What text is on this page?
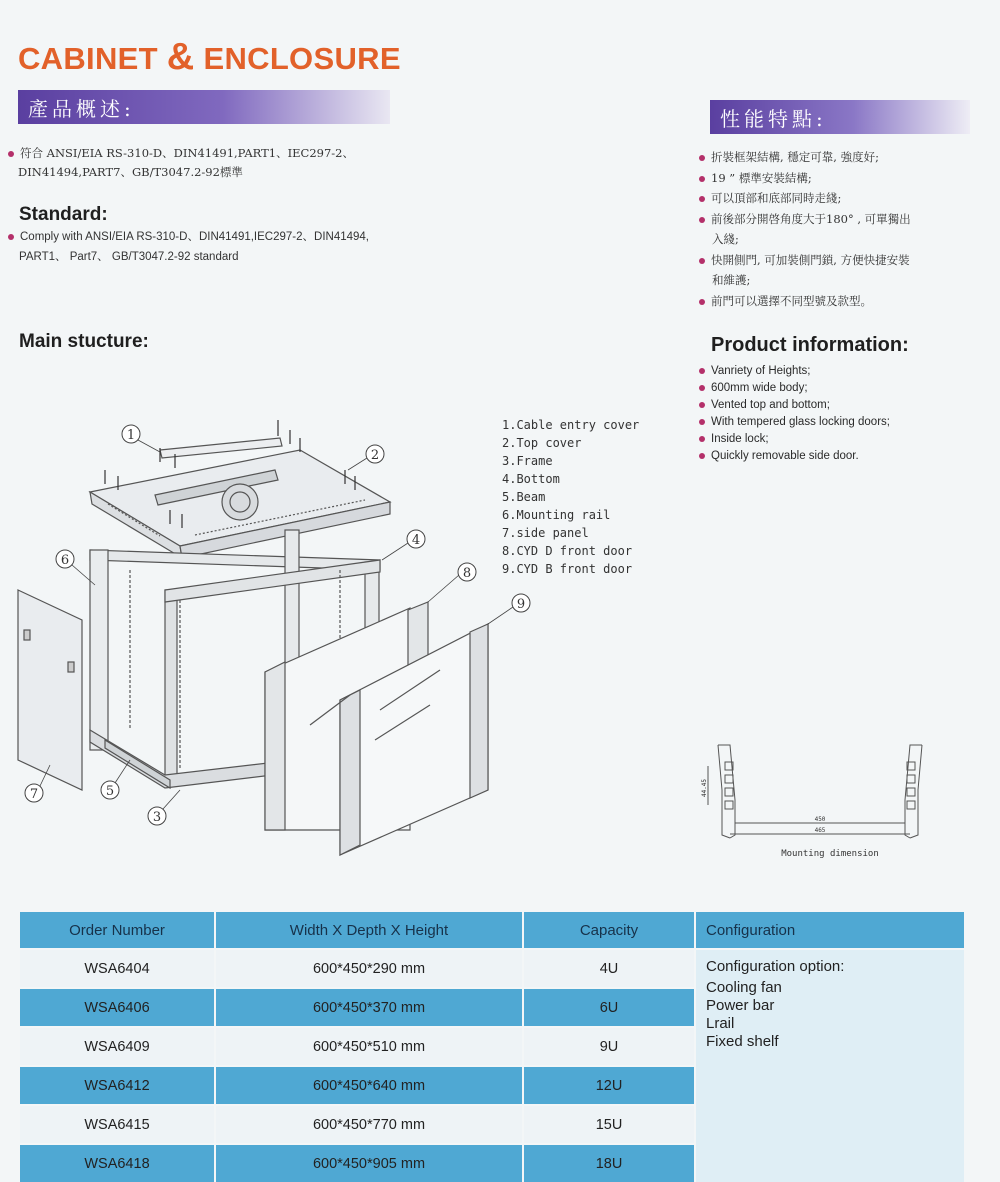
CABINET & ENCLOSURE
產品概述:
符合 ANSI/EIA RS-310-D、DIN41491,PART1、IEC297-2、
DIN41494,PART7、GB/T3047.2-92標準
Standard:
Comply with ANSI/EIA RS-310-D、DIN41491,IEC297-2、DIN41494,
PART1、 Part7、 GB/T3047.2-92 standard
Main stucture:
1
2
3
4
5
6
7
8
9
1.Cable entry cover
2.Top cover
3.Frame
4.Bottom
5.Beam
6.Mounting rail
7.side panel
8.CYD D front door
9.CYD B front door
性能特點:
折裝框架結構, 穩定可靠, 強度好;
19 ” 標準安裝結構;
可以頂部和底部同時走綫;
前後部分開啓角度大于180° , 可單獨出
入綫;
快開側門, 可加裝側門鎖, 方便快捷安裝
和維護;
前門可以選擇不同型號及款型。
Product information:
Vanriety of Heights;
600mm wide body;
Vented top and bottom;
With tempered glass locking doors;
Inside lock;
Quickly removable side door.
44.45
450
465
Mounting dimension
Order Number	Width X Depth X Height	Capacity	Configuration
WSA6404	600*450*290 mm	4U	Configuration option:
Cooling fan
Power bar
Lrail
Fixed shelf

WSA6406	600*450*370 mm	6U	
WSA6409	600*450*510 mm	9U	
WSA6412	600*450*640 mm	12U	
WSA6415	600*450*770 mm	15U	
WSA6418	600*450*905 mm	18U	
